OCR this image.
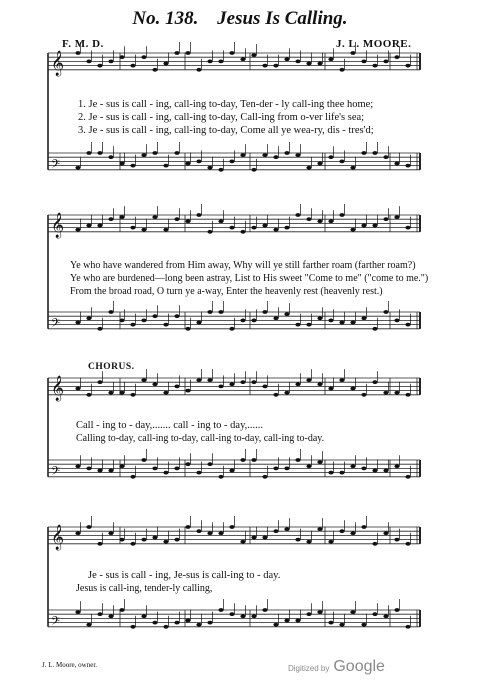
No. 138. Jesus Is Calling.
F. M. D.	J. L. MOORE.
𝄞
𝄢
𝄞
𝄢
𝄞
𝄢
𝄞
𝄢
1. Je - sus is call - ing, call-ing to-day, Ten-der - ly call-ing thee home;
2. Je - sus is call - ing, call-ing to-day, Call-ing from o-ver life's sea;
3. Je - sus is call - ing, call-ing to-day, Come all ye wea-ry, dis - tres'd;
Ye who have wandered from Him away, Why will ye still farther roam (farther roam?)
Ye who are burdened—long been astray, List to His sweet "Come to me" ("come to me.")
From the broad road, O turn ye a-way, Enter the heavenly rest (heavenly rest.)
CHORUS.
Call - ing to - day,....... call - ing to - day,......
Calling to-day, call-ing to-day, call-ing to-day, call-ing to-day.
Je - sus is call - ing, Je-sus is call-ing to - day.
Jesus is call-ing, tender-ly calling,
J. L. Moore, owner.	Digitized by Google
